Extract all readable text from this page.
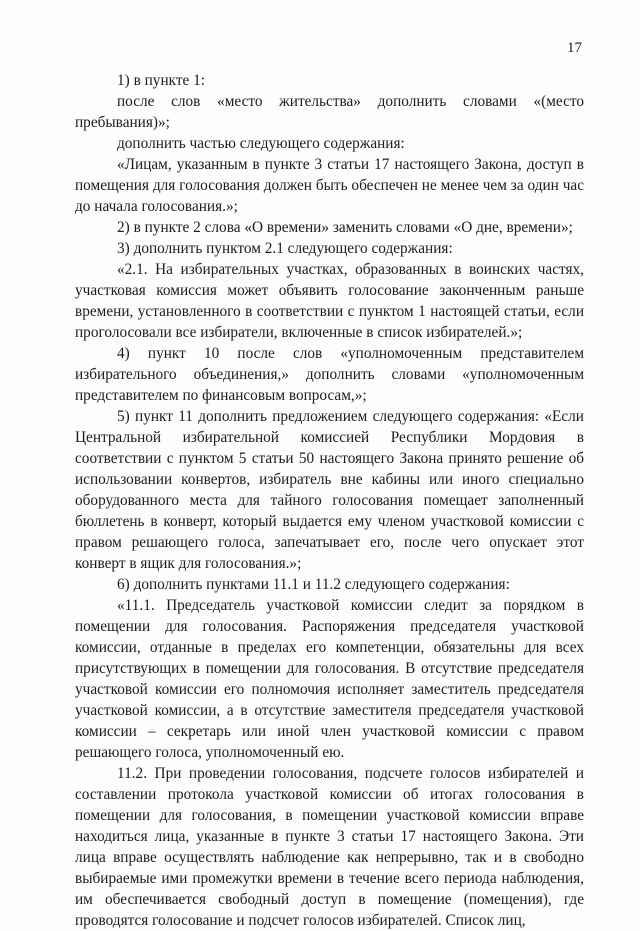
17

1) в пункте 1:

после слов «место жительства» дополнить словами «(место пребывания)»;

дополнить частью следующего содержания:

«Лицам, указанным в пункте 3 статьи 17 настоящего Закона, доступ в помещения для голосования должен быть обеспечен не менее чем за один час до начала голосования.»;

2) в пункте 2 слова «О времени» заменить словами «О дне, времени»;

3) дополнить пунктом 2.1 следующего содержания:

«2.1. На избирательных участках, образованных в воинских частях, участковая комиссия может объявить голосование законченным раньше времени, установленного в соответствии с пунктом 1 настоящей статьи, если проголосовали все избиратели, включенные в список избирателей.»;

4) пункт 10 после слов «уполномоченным представителем избирательного объединения,» дополнить словами «уполномоченным представителем по финансовым вопросам,»;

5) пункт 11 дополнить предложением следующего содержания: «Если Центральной избирательной комиссией Республики Мордовия в соответствии с пунктом 5 статьи 50 настоящего Закона принято решение об использовании конвертов, избиратель вне кабины или иного специально оборудованного места для тайного голосования помещает заполненный бюллетень в конверт, который выдается ему членом участковой комиссии с правом решающего голоса, запечатывает его, после чего опускает этот конверт в ящик для голосования.»;

6) дополнить пунктами 11.1 и 11.2 следующего содержания:

«11.1. Председатель участковой комиссии следит за порядком в помещении для голосования. Распоряжения председателя участковой комиссии, отданные в пределах его компетенции, обязательны для всех присутствующих в помещении для голосования. В отсутствие председателя участковой комиссии его полномочия исполняет заместитель председателя участковой комиссии, а в отсутствие заместителя председателя участковой комиссии – секретарь или иной член участковой комиссии с правом решающего голоса, уполномоченный ею.

11.2. При проведении голосования, подсчете голосов избирателей и составлении протокола участковой комиссии об итогах голосования в помещении для голосования, в помещении участковой комиссии вправе находиться лица, указанные в пункте 3 статьи 17 настоящего Закона. Эти лица вправе осуществлять наблюдение как непрерывно, так и в свободно выбираемые ими промежутки времени в течение всего периода наблюдения, им обеспечивается свободный доступ в помещение (помещения), где проводятся голосование и подсчет голосов избирателей. Список лиц,
